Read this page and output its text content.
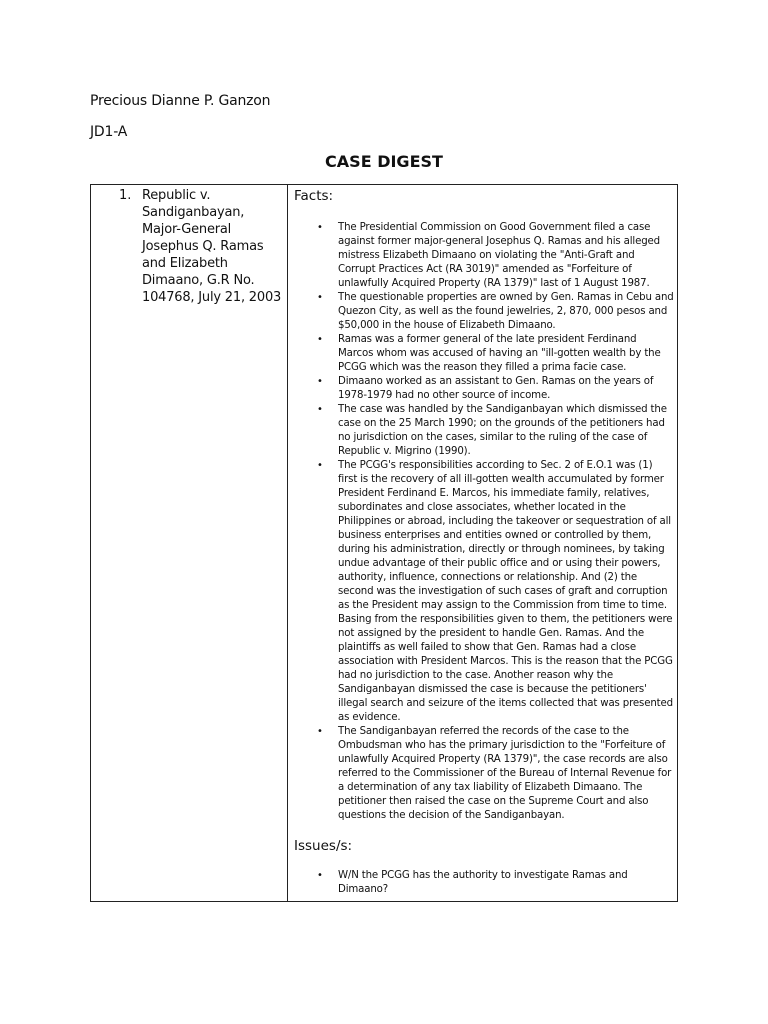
Precious Dianne P. Ganzon
JD1-A
CASE DIGEST
1. Republic v. Sandiganbayan, Major-General Josephus Q. Ramas and Elizabeth Dimaano, G.R No. 104768, July 21, 2003

Facts:

• The Presidential Commission on Good Government filed a case against former major-general Josephus Q. Ramas and his alleged mistress Elizabeth Dimaano on violating the "Anti-Graft and Corrupt Practices Act (RA 3019)" amended as "Forfeiture of unlawfully Acquired Property (RA 1379)" last of 1 August 1987.
• The questionable properties are owned by Gen. Ramas in Cebu and Quezon City, as well as the found jewelries, 2, 870, 000 pesos and $50,000 in the house of Elizabeth Dimaano.
• Ramas was a former general of the late president Ferdinand Marcos whom was accused of having an "ill-gotten wealth by the PCGG which was the reason they filled a prima facie case.
• Dimaano worked as an assistant to Gen. Ramas on the years of 1978-1979 had no other source of income.
• The case was handled by the Sandiganbayan which dismissed the case on the 25 March 1990; on the grounds of the petitioners had no jurisdiction on the cases, similar to the ruling of the case of Republic v. Migrino (1990).
• The PCGG's responsibilities according to Sec. 2 of E.O.1 was (1) first is the recovery of all ill-gotten wealth accumulated by former President Ferdinand E. Marcos, his immediate family, relatives, subordinates and close associates, whether located in the Philippines or abroad, including the takeover or sequestration of all business enterprises and entities owned or controlled by them, during his administration, directly or through nominees, by taking undue advantage of their public office and or using their powers, authority, influence, connections or relationship. And (2) the second was the investigation of such cases of graft and corruption as the President may assign to the Commission from time to time. Basing from the responsibilities given to them, the petitioners were not assigned by the president to handle Gen. Ramas. And the plaintiffs as well failed to show that Gen. Ramas had a close association with President Marcos. This is the reason that the PCGG had no jurisdiction to the case. Another reason why the Sandiganbayan dismissed the case is because the petitioners' illegal search and seizure of the items collected that was presented as evidence.
• The Sandiganbayan referred the records of the case to the Ombudsman who has the primary jurisdiction to the "Forfeiture of unlawfully Acquired Property (RA 1379)", the case records are also referred to the Commissioner of the Bureau of Internal Revenue for a determination of any tax liability of Elizabeth Dimaano. The petitioner then raised the case on the Supreme Court and also questions the decision of the Sandiganbayan.

Issues/s:

• W/N the PCGG has the authority to investigate Ramas and Dimaano?
